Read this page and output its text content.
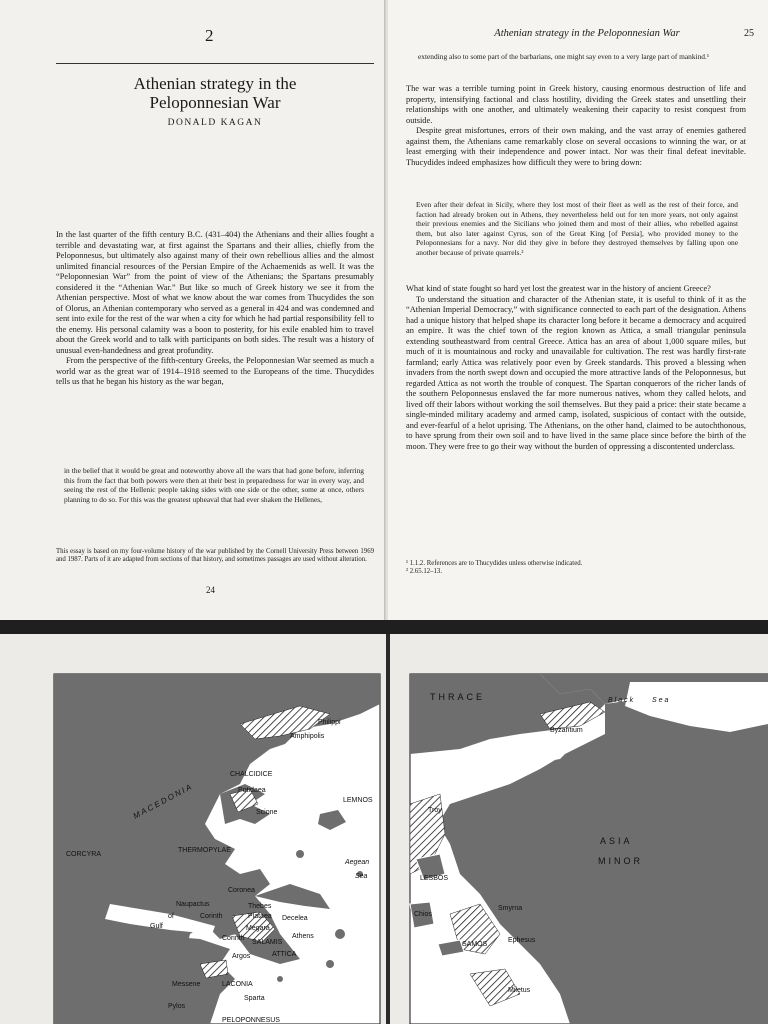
2
Athenian strategy in the
Peloponnesian War
DONALD KAGAN

In the last quarter of the fifth century B.C. (431–404) the Athenians and their allies fought a terrible and devastating war, at first against the Spartans and their allies, chiefly from the Peloponnesus, but ultimately also against many of their own rebellious allies and the almost unlimited financial resources of the Persian Empire of the Achaemenids as well. It was the “Peloponnesian War” from the point of view of the Athenians; the Spartans presumably considered it the “Athenian War.” But like so much of Greek history we see it from the Athenian perspective. Most of what we know about the war comes from Thucydides the son of Olorus, an Athenian contemporary who served as a general in 424 and was condemned and sent into exile for the rest of the war when a city for which he had partial responsibility fell to the enemy. His personal calamity was a boon to posterity, for his exile enabled him to travel about the Greek world and to talk with participants on both sides. The result was a history of unusual even-handedness and great profundity.

From the perspective of the fifth-century Greeks, the Peloponnesian War seemed as much a world war as the great war of 1914–1918 seemed to the Europeans of the time. Thucydides tells us that he began his history as the war began,

in the belief that it would be great and noteworthy above all the wars that had gone before, inferring this from the fact that both powers were then at their best in preparedness for war in every way, and seeing the rest of the Hellenic people taking sides with one side or the other, some at once, others planning to do so. For this was the greatest upheaval that had ever shaken the Hellenes,
This essay is based on my four-volume history of the war published by the Cornell University Press between 1969 and 1987. Parts of it are adapted from sections of that history, and sometimes passages are used without alteration.
24
Athenian strategy in the Peloponnesian War	25
extending also to some part of the barbarians, one might say even to a very large part of mankind.¹

The war was a terrible turning point in Greek history, causing enormous destruction of life and property, intensifying factional and class hostility, dividing the Greek states and unsettling their relationships with one another, and ultimately weakening their capacity to resist conquest from outside.

Despite great misfortunes, errors of their own making, and the vast array of enemies gathered against them, the Athenians came remarkably close on several occasions to winning the war, or at least emerging with their independence and power intact. Nor was their final defeat inevitable. Thucydides indeed emphasizes how difficult they were to bring down:

Even after their defeat in Sicily, where they lost most of their fleet as well as the rest of their force, and faction had already broken out in Athens, they nevertheless held out for ten more years, not only against their previous enemies and the Sicilians who joined them and most of their allies, who rebelled against them, but also later against Cyrus, son of the Great King [of Persia], who provided money to the Peloponnesians for a navy. Nor did they give in before they destroyed themselves by falling upon one another because of private quarrels.²

What kind of state fought so hard yet lost the greatest war in the history of ancient Greece?

To understand the situation and character of the Athenian state, it is useful to think of it as the “Athenian Imperial Democracy,” with significance connected to each part of the designation. Athens had a unique history that helped shape its character long before it became a democracy and acquired an empire. It was the chief town of the region known as Attica, a small triangular peninsula extending southeastward from central Greece. Attica has an area of about 1,000 square miles, but much of it is mountainous and rocky and unavailable for cultivation. The rest was hardly first-rate farmland; early Attica was relatively poor even by Greek standards. This proved a blessing when invaders from the north swept down and occupied the more attractive lands of the Peloponnesus, but regarded Attica as not worth the trouble of conquest. The Spartan conquerors of the richer lands of the southern Peloponnesus enslaved the far more numerous natives, whom they called helots, and lived off their labors without working the soil themselves. But they paid a price: their state became a single-minded military academy and armed camp, isolated, suspicious of contact with the outside, and ever-fearful of a helot uprising. The Athenians, on the other hand, claimed to be autochthonous, to have sprung from their own soil and to have lived in the same place since before the birth of the moon. They were free to go their way without the burden of oppressing a discontented underclass.

¹ 1.1.2. References are to Thucydides unless otherwise indicated.
² 2.65.12–13.
MACEDONIA
Amphipolis
Philippi
CHALCIDICE
Potidaea
Scione
LEMNOS
CORCYRA
THERMOPYLAE
Aegean
Sea
Coronea
Naupactus	Thebes
Plataea Decelea
Gulf
of	Corinth
Megara
Corinth
SALAMIS
Athens
ATTICA
Argos
Messene	LACONIA
Sparta
Pylos
PELOPONNESUS
THRACE	Black Sea
Byzantium
Troy
ASIA
MINOR
LESBOS
Chios
Smyrna
SAMOS
Ephesus
Miletus
